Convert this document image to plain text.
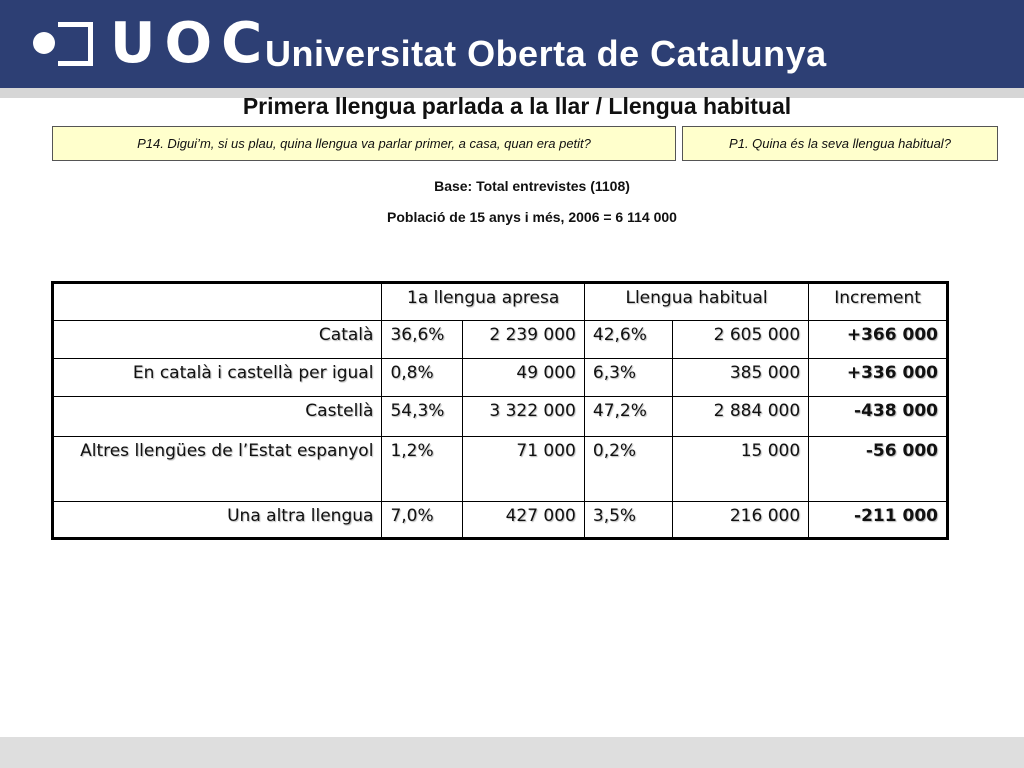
UOC
Universitat Oberta de Catalunya
Primera llengua parlada a la llar / Llengua habitual
P14. Digui’m, si us plau, quina llengua va parlar primer, a casa, quan era petit?	P1. Quina és la seva llengua habitual?
Base: Total entrevistes (1108)
Població de 15 anys i més, 2006 = 6 114 000
	1a llengua apresa		Llengua habitual		Increment
Català	36,6%	2 239 000	42,6%	2 605 000	+366 000
En català i castellà per igual	0,8%	49 000	6,3%	385 000	+336 000
Castellà	54,3%	3 322 000	47,2%	2 884 000	-438 000
Altres llengües de l’Estat espanyol	1,2%	71 000	0,2%	15 000	-56 000
Una altra llengua	7,0%	427 000	3,5%	216 000	-211 000
